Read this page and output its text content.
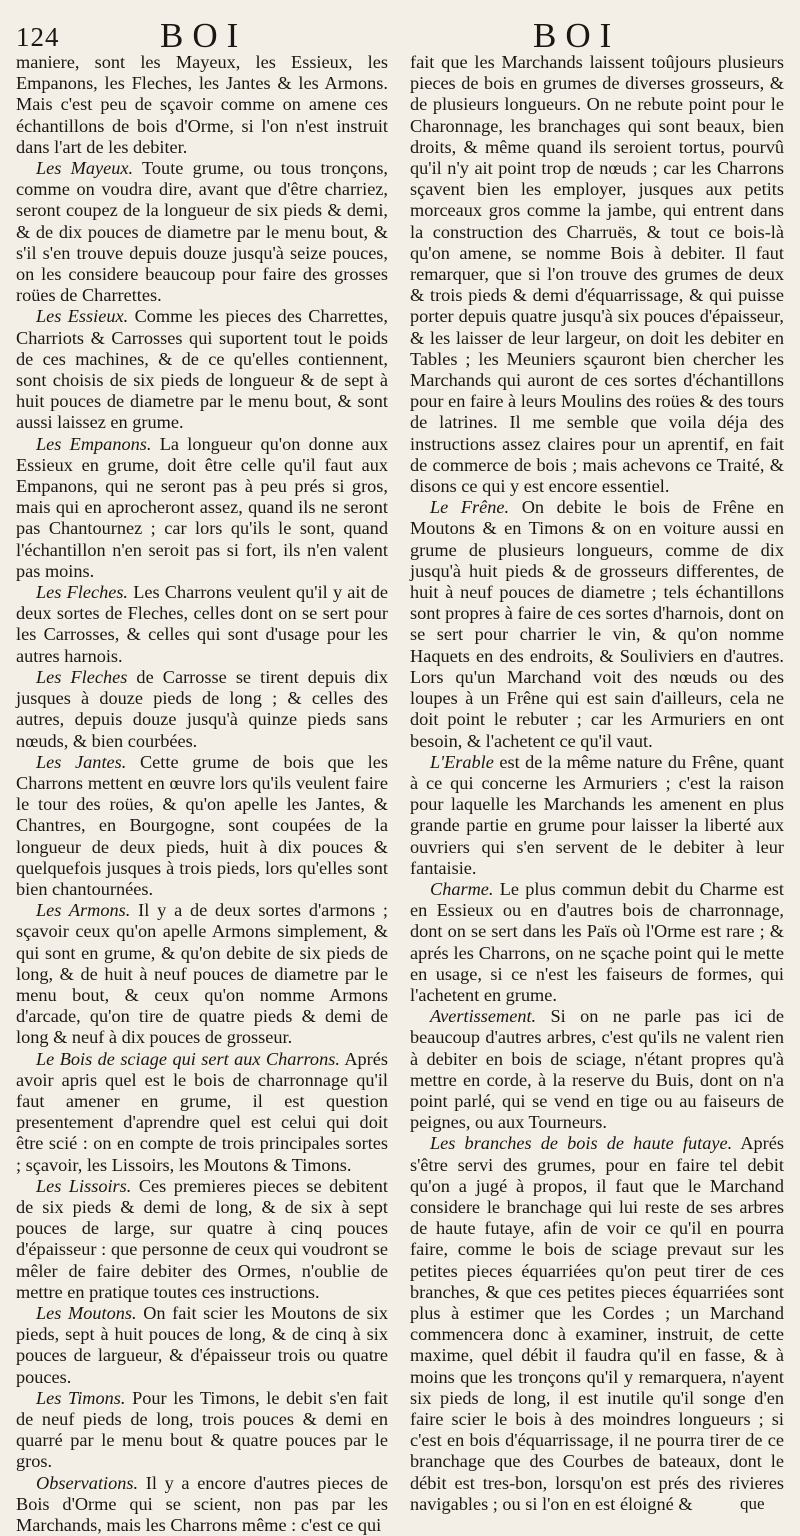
124	BOI	BOI

maniere, sont les Mayeux, les Essieux, les Empanons, les Fleches, les Jantes & les Armons. Mais c'est peu de sçavoir comme on amene ces échantillons de bois d'Orme, si l'on n'est instruit dans l'art de les debiter.

Les Mayeux. Toute grume, ou tous tronçons, comme on voudra dire, avant que d'être charriez, seront coupez de la longueur de six pieds & demi, & de dix pouces de diametre par le menu bout, & s'il s'en trouve depuis douze jusqu'à seize pouces, on les considere beaucoup pour faire des grosses roües de Charrettes.

Les Essieux. Comme les pieces des Charrettes, Charriots & Carrosses qui suportent tout le poids de ces machines, & de ce qu'elles contiennent, sont choisis de six pieds de longueur & de sept à huit pouces de diametre par le menu bout, & sont aussi laissez en grume.

Les Empanons. La longueur qu'on donne aux Essieux en grume, doit être celle qu'il faut aux Empanons, qui ne seront pas à peu prés si gros, mais qui en aprocheront assez, quand ils ne seront pas Chantournez ; car lors qu'ils le sont, quand l'échantillon n'en seroit pas si fort, ils n'en valent pas moins.

Les Fleches. Les Charrons veulent qu'il y ait de deux sortes de Fleches, celles dont on se sert pour les Carrosses, & celles qui sont d'usage pour les autres harnois.

Les Fleches de Carrosse se tirent depuis dix jusques à douze pieds de long ; & celles des autres, depuis douze jusqu'à quinze pieds sans nœuds, & bien courbées.

Les Jantes. Cette grume de bois que les Charrons mettent en œuvre lors qu'ils veulent faire le tour des roües, & qu'on apelle les Jantes, & Chantres, en Bourgogne, sont coupées de la longueur de deux pieds, huit à dix pouces & quelquefois jusques à trois pieds, lors qu'elles sont bien chantournées.

Les Armons. Il y a de deux sortes d'armons ; sçavoir ceux qu'on apelle Armons simplement, & qui sont en grume, & qu'on debite de six pieds de long, & de huit à neuf pouces de diametre par le menu bout, & ceux qu'on nomme Armons d'arcade, qu'on tire de quatre pieds & demi de long & neuf à dix pouces de grosseur.

Le Bois de sciage qui sert aux Charrons. Aprés avoir apris quel est le bois de charronnage qu'il faut amener en grume, il est question presentement d'aprendre quel est celui qui doit être scié : on en compte de trois principales sortes ; sçavoir, les Lissoirs, les Moutons & Timons.

Les Lissoirs. Ces premieres pieces se debitent de six pieds & demi de long, & de six à sept pouces de large, sur quatre à cinq pouces d'épaisseur : que personne de ceux qui voudront se mêler de faire debiter des Ormes, n'oublie de mettre en pratique toutes ces instructions.

Les Moutons. On fait scier les Moutons de six pieds, sept à huit pouces de long, & de cinq à six pouces de largueur, & d'épaisseur trois ou quatre pouces.

Les Timons. Pour les Timons, le debit s'en fait de neuf pieds de long, trois pouces & demi en quarré par le menu bout & quatre pouces par le gros.

Observations. Il y a encore d'autres pieces de Bois d'Orme qui se scient, non pas par les Marchands, mais les Charrons même : c'est ce qui

fait que les Marchands laissent toûjours plusieurs pieces de bois en grumes de diverses grosseurs, & de plusieurs longueurs. On ne rebute point pour le Charonnage, les branchages qui sont beaux, bien droits, & même quand ils seroient tortus, pourvû qu'il n'y ait point trop de nœuds ; car les Charrons sçavent bien les employer, jusques aux petits morceaux gros comme la jambe, qui entrent dans la construction des Charruës, & tout ce bois-là qu'on amene, se nomme Bois à debiter. Il faut remarquer, que si l'on trouve des grumes de deux & trois pieds & demi d'équarrissage, & qui puisse porter depuis quatre jusqu'à six pouces d'épaisseur, & les laisser de leur largeur, on doit les debiter en Tables ; les Meuniers sçauront bien chercher les Marchands qui auront de ces sortes d'échantillons pour en faire à leurs Moulins des roües & des tours de latrines. Il me semble que voila déja des instructions assez claires pour un aprentif, en fait de commerce de bois ; mais achevons ce Traité, & disons ce qui y est encore essentiel.

Le Frêne. On debite le bois de Frêne en Moutons & en Timons & on en voiture aussi en grume de plusieurs longueurs, comme de dix jusqu'à huit pieds & de grosseurs differentes, de huit à neuf pouces de diametre ; tels échantillons sont propres à faire de ces sortes d'harnois, dont on se sert pour charrier le vin, & qu'on nomme Haquets en des endroits, & Souliviers en d'autres. Lors qu'un Marchand voit des nœuds ou des loupes à un Frêne qui est sain d'ailleurs, cela ne doit point le rebuter ; car les Armuriers en ont besoin, & l'achetent ce qu'il vaut.

L'Erable est de la même nature du Frêne, quant à ce qui concerne les Armuriers ; c'est la raison pour laquelle les Marchands les amenent en plus grande partie en grume pour laisser la liberté aux ouvriers qui s'en servent de le debiter à leur fantaisie.

Charme. Le plus commun debit du Charme est en Essieux ou en d'autres bois de charronnage, dont on se sert dans les Païs où l'Orme est rare ; & aprés les Charrons, on ne sçache point qui le mette en usage, si ce n'est les faiseurs de formes, qui l'achetent en grume.

Avertissement. Si on ne parle pas ici de beaucoup d'autres arbres, c'est qu'ils ne valent rien à debiter en bois de sciage, n'étant propres qu'à mettre en corde, à la reserve du Buis, dont on n'a point parlé, qui se vend en tige ou au faiseurs de peignes, ou aux Tourneurs.

Les branches de bois de haute futaye. Aprés s'être servi des grumes, pour en faire tel debit qu'on a jugé à propos, il faut que le Marchand considere le branchage qui lui reste de ses arbres de haute futaye, afin de voir ce qu'il en pourra faire, comme le bois de sciage prevaut sur les petites pieces équarriées qu'on peut tirer de ces branches, & que ces petites pieces équarriées sont plus à estimer que les Cordes ; un Marchand commencera donc à examiner, instruit, de cette maxime, quel débit il faudra qu'il en fasse, & à moins que les tronçons qu'il y remarquera, n'ayent six pieds de long, il est inutile qu'il songe d'en faire scier le bois à des moindres longueurs ; si c'est en bois d'équarrissage, il ne pourra tirer de ce branchage que des Courbes de bateaux, dont le débit est tres-bon, lorsqu'on est prés des rivieres navigables ; ou si l'on en est éloigné &	que
